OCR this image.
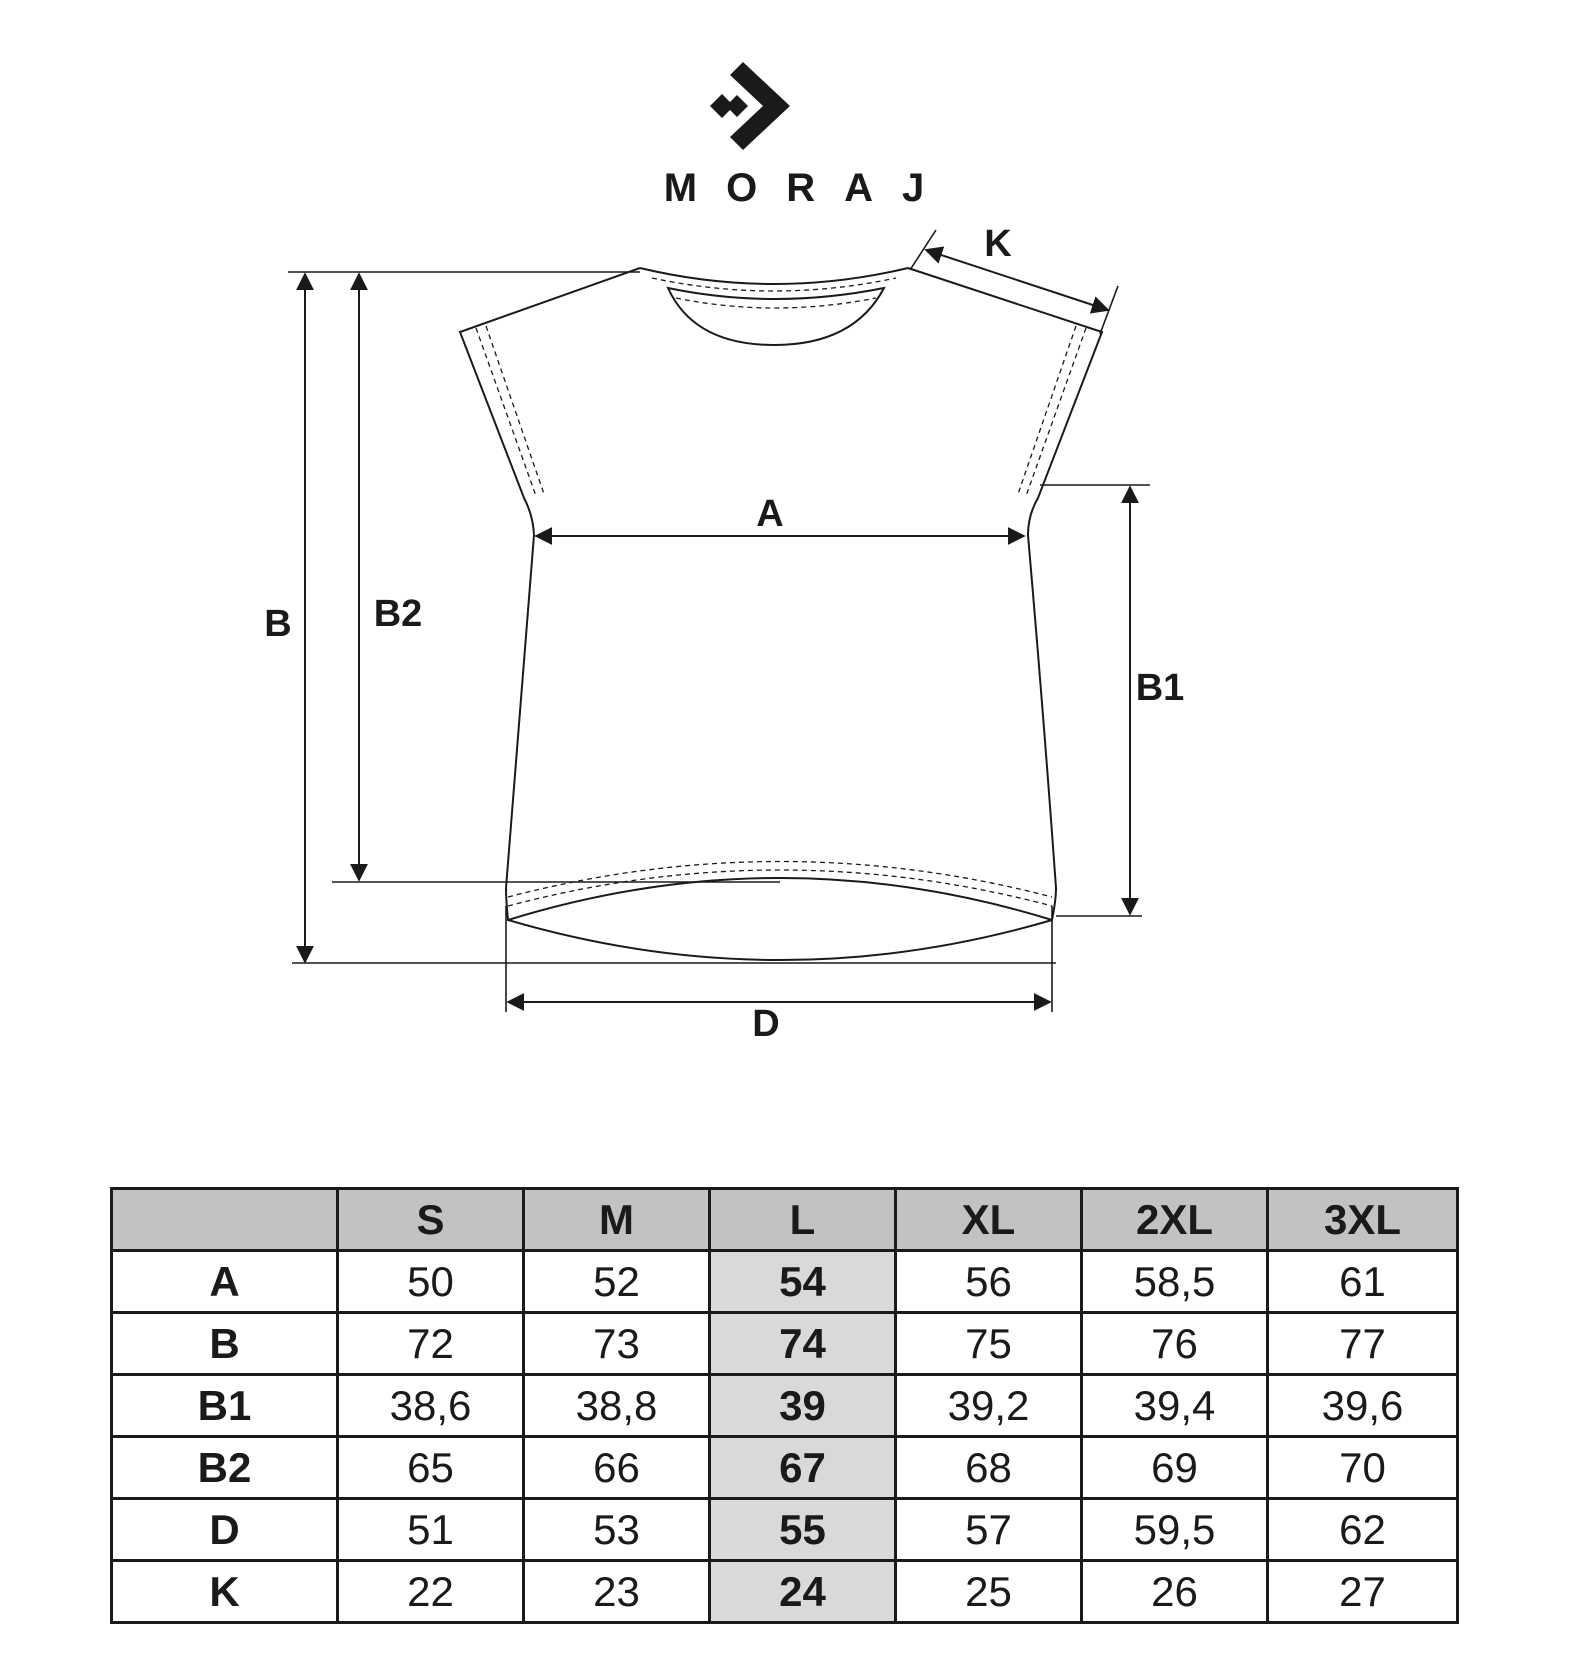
MORAJ
A
B B2
B1
D
K
	S	M	L	XL	2XL	3XL
A	50	52	54	56	58,5	61
B	72	73	74	75	76	77
B1	38,6	38,8	39	39,2	39,4	39,6
B2	65	66	67	68	69	70
D	51	53	55	57	59,5	62
K	22	23	24	25	26	27
